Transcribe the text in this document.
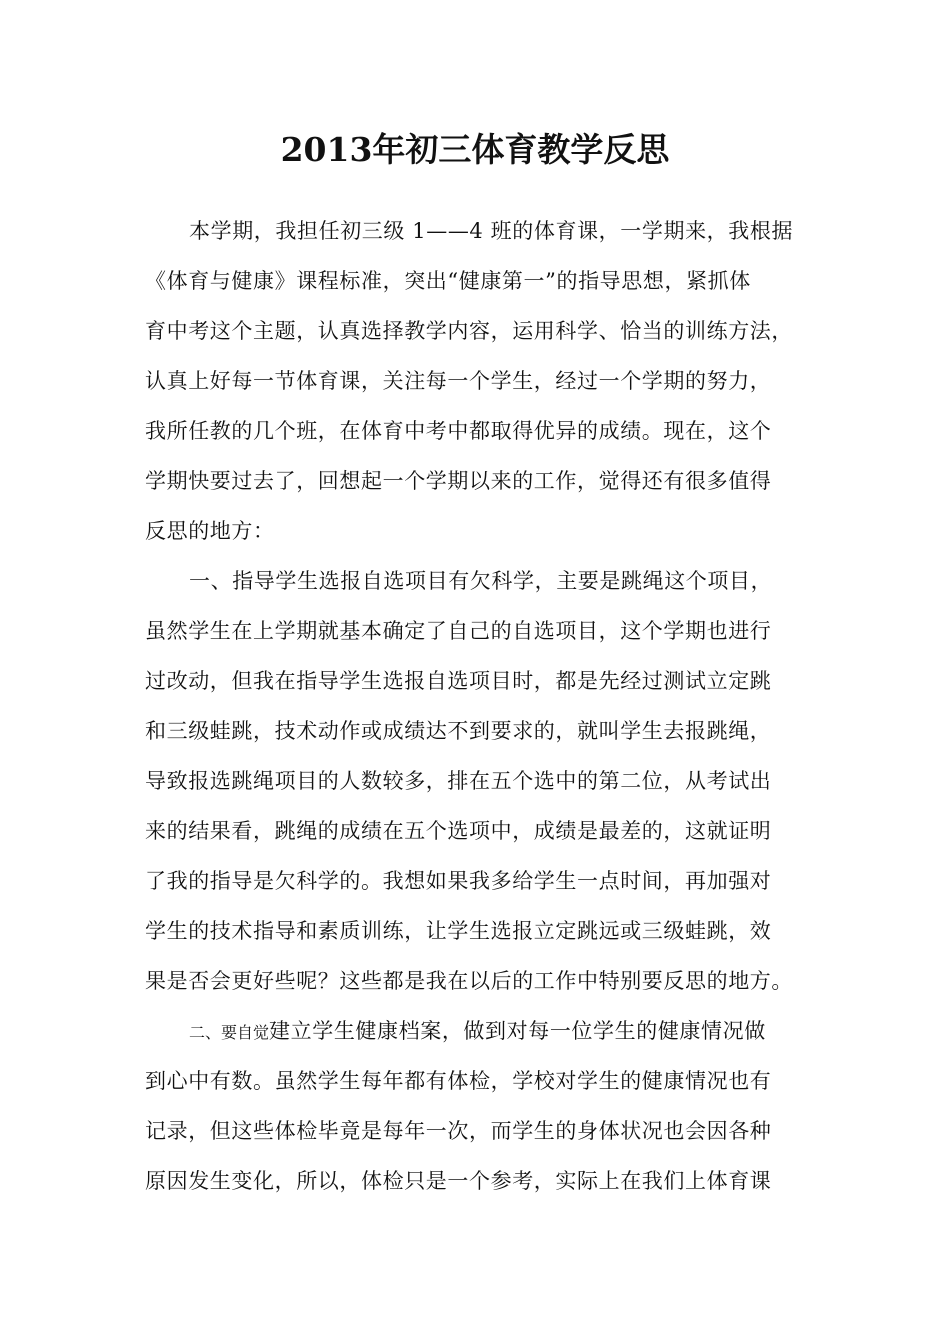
2013年初三体育教学反思
本学期，我担任初三级 1——4 班的体育课，一学期来，我根据
《体育与健康》课程标准，突出“健康第一”的指导思想，紧抓体
育中考这个主题，认真选择教学内容，运用科学、恰当的训练方法，
认真上好每一节体育课，关注每一个学生，经过一个学期的努力，
我所任教的几个班，在体育中考中都取得优异的成绩。现在，这个
学期快要过去了，回想起一个学期以来的工作，觉得还有很多值得
反思的地方：
一、指导学生选报自选项目有欠科学，主要是跳绳这个项目，
虽然学生在上学期就基本确定了自己的自选项目，这个学期也进行
过改动，但我在指导学生选报自选项目时，都是先经过测试立定跳
和三级蛙跳，技术动作或成绩达不到要求的，就叫学生去报跳绳，
导致报选跳绳项目的人数较多，排在五个选中的第二位，从考试出
来的结果看，跳绳的成绩在五个选项中，成绩是最差的，这就证明
了我的指导是欠科学的。我想如果我多给学生一点时间，再加强对
学生的技术指导和素质训练，让学生选报立定跳远或三级蛙跳，效
果是否会更好些呢？这些都是我在以后的工作中特别要反思的地方。
二、要自觉建立学生健康档案，做到对每一位学生的健康情况做
到心中有数。虽然学生每年都有体检，学校对学生的健康情况也有
记录，但这些体检毕竟是每年一次，而学生的身体状况也会因各种
原因发生变化，所以，体检只是一个参考，实际上在我们上体育课
